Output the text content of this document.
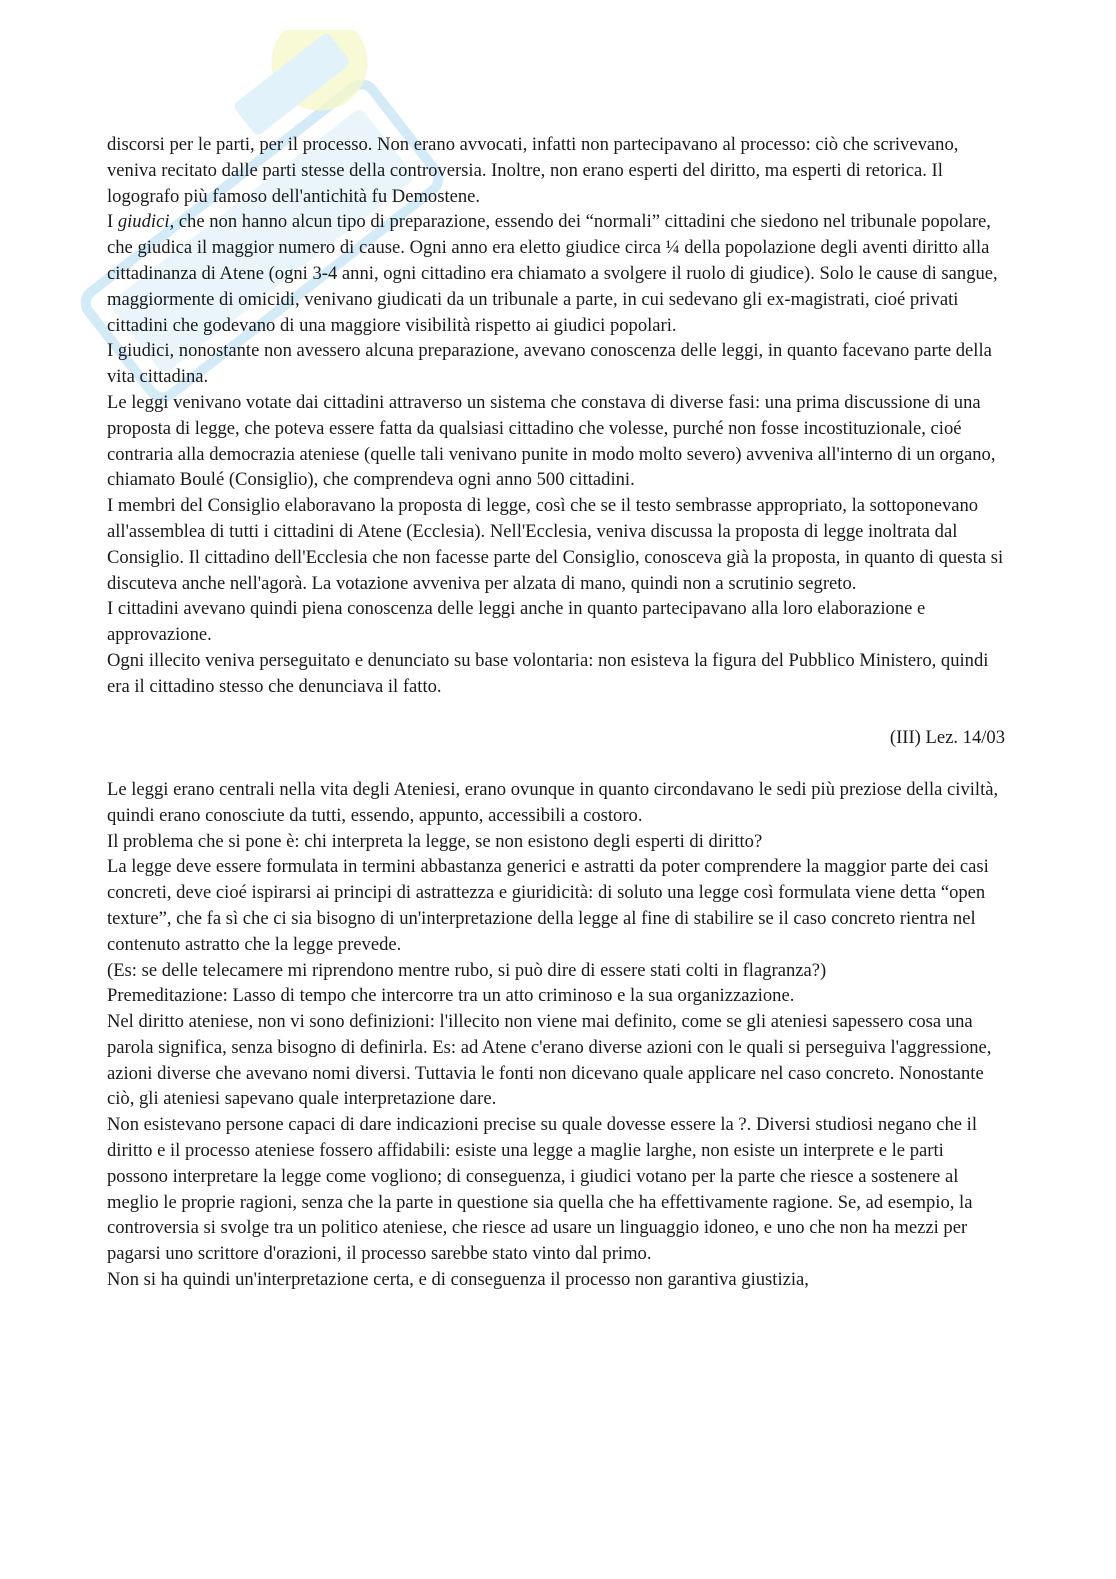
discorsi per le parti, per il processo. Non erano avvocati, infatti non partecipavano al processo: ciò che scrivevano, veniva recitato dalle parti stesse della controversia. Inoltre, non erano esperti del diritto, ma esperti di retorica. Il logografo più famoso dell'antichità fu Demostene.

I giudici, che non hanno alcun tipo di preparazione, essendo dei “normali” cittadini che siedono nel tribunale popolare, che giudica il maggior numero di cause. Ogni anno era eletto giudice circa ¼ della popolazione degli aventi diritto alla cittadinanza di Atene (ogni 3-4 anni, ogni cittadino era chiamato a svolgere il ruolo di giudice). Solo le cause di sangue, maggiormente di omicidi, venivano giudicati da un tribunale a parte, in cui sedevano gli ex-magistrati, cioé privati cittadini che godevano di una maggiore visibilità rispetto ai giudici popolari.

I giudici, nonostante non avessero alcuna preparazione, avevano conoscenza delle leggi, in quanto facevano parte della vita cittadina.

Le leggi venivano votate dai cittadini attraverso un sistema che constava di diverse fasi: una prima discussione di una proposta di legge, che poteva essere fatta da qualsiasi cittadino che volesse, purché non fosse incostituzionale, cioé contraria alla democrazia ateniese (quelle tali venivano punite in modo molto severo) avveniva all'interno di un organo, chiamato Boulé (Consiglio), che comprendeva ogni anno 500 cittadini.

I membri del Consiglio elaboravano la proposta di legge, così che se il testo sembrasse appropriato, la sottoponevano all'assemblea di tutti i cittadini di Atene (Ecclesia). Nell'Ecclesia, veniva discussa la proposta di legge inoltrata dal Consiglio. Il cittadino dell'Ecclesia che non facesse parte del Consiglio, conosceva già la proposta, in quanto di questa si discuteva anche nell'agorà. La votazione avveniva per alzata di mano, quindi non a scrutinio segreto.

I cittadini avevano quindi piena conoscenza delle leggi anche in quanto partecipavano alla loro elaborazione e approvazione.

Ogni illecito veniva perseguitato e denunciato su base volontaria: non esisteva la figura del Pubblico Ministero, quindi era il cittadino stesso che denunciava il fatto.

(III) Lez. 14/03

Le leggi erano centrali nella vita degli Ateniesi, erano ovunque in quanto circondavano le sedi più preziose della civiltà, quindi erano conosciute da tutti, essendo, appunto, accessibili a costoro.

Il problema che si pone è: chi interpreta la legge, se non esistono degli esperti di diritto?

La legge deve essere formulata in termini abbastanza generici e astratti da poter comprendere la maggior parte dei casi concreti, deve cioé ispirarsi ai principi di astrattezza e giuridicità: di soluto una legge così formulata viene detta “open texture”, che fa sì che ci sia bisogno di un'interpretazione della legge al fine di stabilire se il caso concreto rientra nel contenuto astratto che la legge prevede.

(Es: se delle telecamere mi riprendono mentre rubo, si può dire di essere stati colti in flagranza?)

Premeditazione: Lasso di tempo che intercorre tra un atto criminoso e la sua organizzazione.

Nel diritto ateniese, non vi sono definizioni: l'illecito non viene mai definito, come se gli ateniesi sapessero cosa una parola significa, senza bisogno di definirla. Es: ad Atene c'erano diverse azioni con le quali si perseguiva l'aggressione, azioni diverse che avevano nomi diversi. Tuttavia le fonti non dicevano quale applicare nel caso concreto. Nonostante ciò, gli ateniesi sapevano quale interpretazione dare.

Non esistevano persone capaci di dare indicazioni precise su quale dovesse essere la ?. Diversi studiosi negano che il diritto e il processo ateniese fossero affidabili: esiste una legge a maglie larghe, non esiste un interprete e le parti possono interpretare la legge come vogliono; di conseguenza, i giudici votano per la parte che riesce a sostenere al meglio le proprie ragioni, senza che la parte in questione sia quella che ha effettivamente ragione. Se, ad esempio, la controversia si svolge tra un politico ateniese, che riesce ad usare un linguaggio idoneo, e uno che non ha mezzi per pagarsi uno scrittore d'orazioni, il processo sarebbe stato vinto dal primo.

Non si ha quindi un'interpretazione certa, e di conseguenza il processo non garantiva giustizia,
